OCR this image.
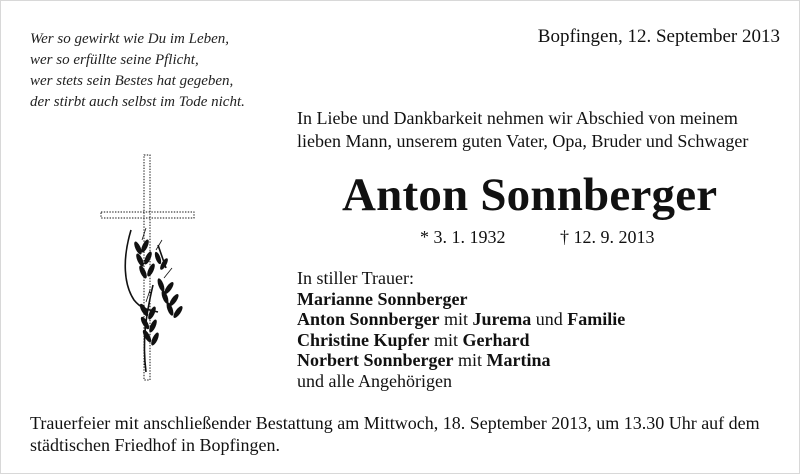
Wer so gewirkt wie Du im Leben,
wer so erfüllte seine Pflicht,
wer stets sein Bestes hat gegeben,
der stirbt auch selbst im Tode nicht.
Bopfingen, 12. September 2013
In Liebe und Dankbarkeit nehmen wir Abschied von meinem
lieben Mann, unserem guten Vater, Opa, Bruder und Schwager
Anton Sonnberger
* 3. 1. 1932	† 12. 9. 2013
In stiller Trauer:
Marianne Sonnberger
Anton Sonnberger mit Jurema und Familie
Christine Kupfer mit Gerhard
Norbert Sonnberger mit Martina
und alle Angehörigen
Trauerfeier mit anschließender Bestattung am Mittwoch, 18. September 2013, um 13.30 Uhr auf dem städtischen Friedhof in Bopfingen.
